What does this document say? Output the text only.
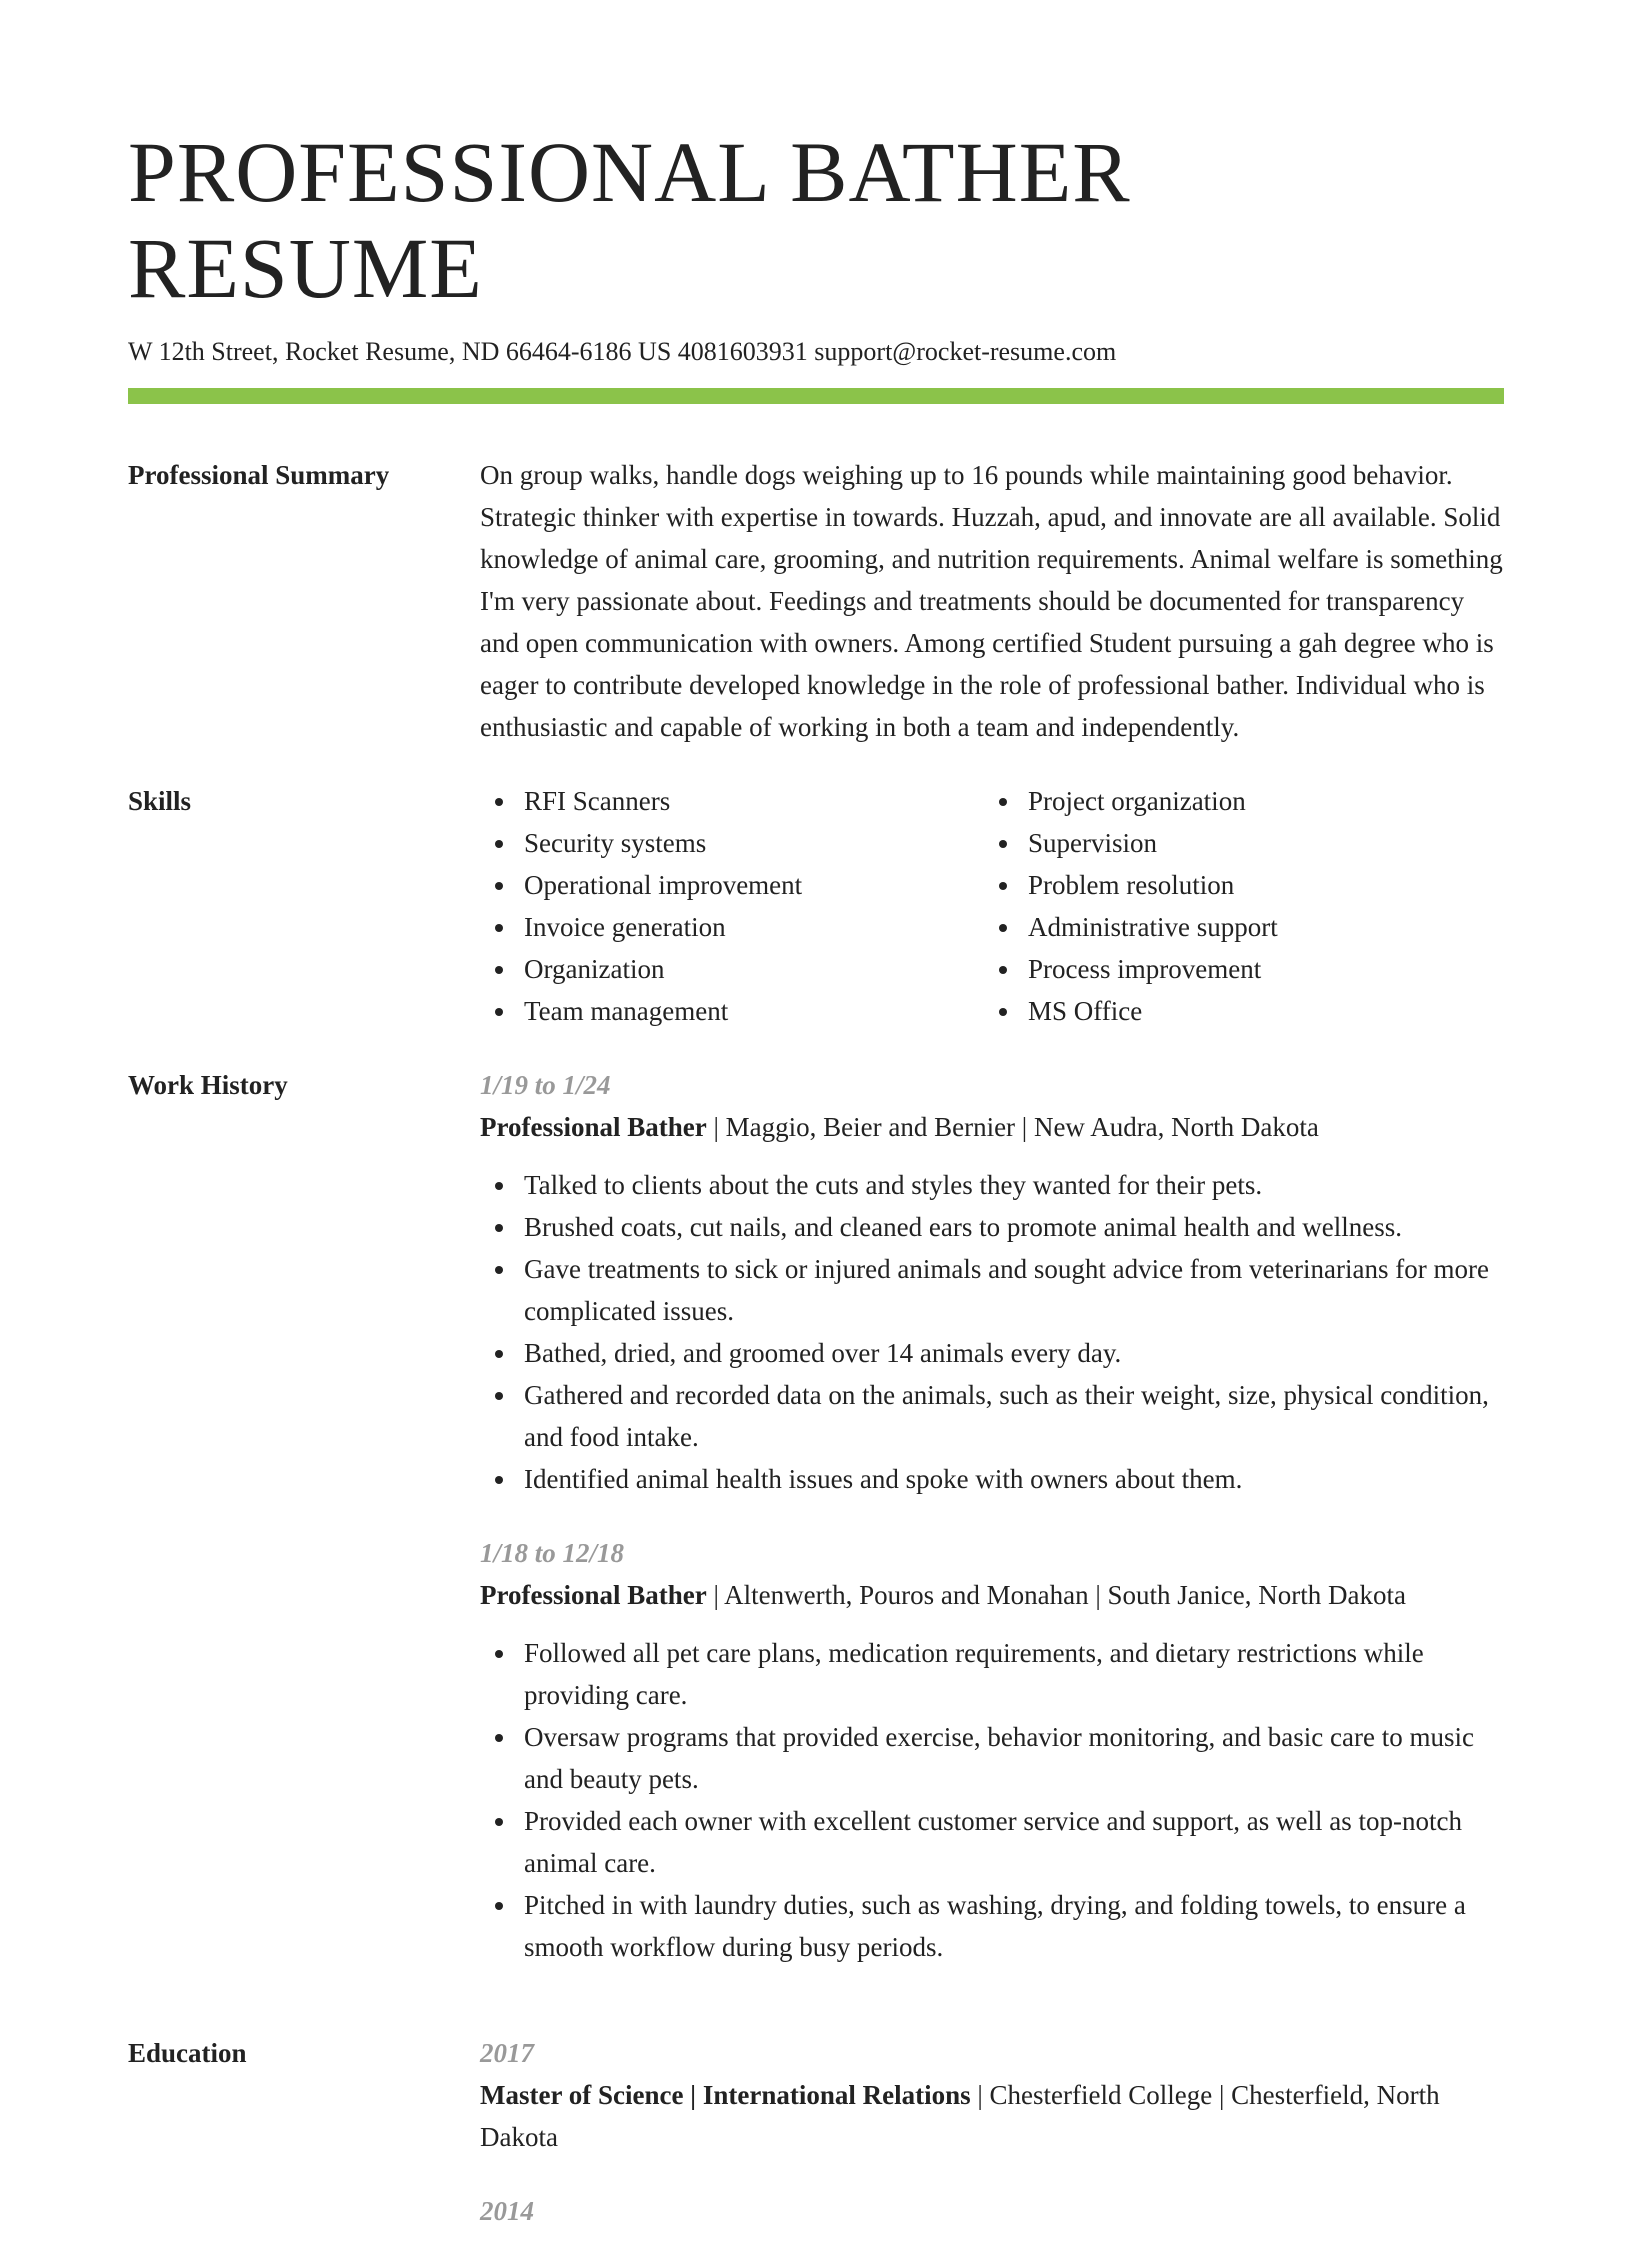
PROFESSIONAL BATHER RESUME
W 12th Street, Rocket Resume, ND 66464-6186 US 4081603931 support@rocket-resume.com
Professional Summary	On group walks, handle dogs weighing up to 16 pounds while maintaining good behavior. Strategic thinker with expertise in towards. Huzzah, apud, and innovate are all available. Solid knowledge of animal care, grooming, and nutrition requirements. Animal welfare is something I'm very passionate about. Feedings and treatments should be documented for transparency and open communication with owners. Among certified Student pursuing a gah degree who is eager to contribute developed knowledge in the role of professional bather. Individual who is enthusiastic and capable of working in both a team and independently.
Skills	RFI Scanners
Security systems
Operational improvement
Invoice generation
Organization
Team management
Project organization
Supervision
Problem resolution
Administrative support
Process improvement
MS Office
Work History	1/19 to 1/24
Professional Bather | Maggio, Beier and Bernier | New Audra, North Dakota
Talked to clients about the cuts and styles they wanted for their pets.
Brushed coats, cut nails, and cleaned ears to promote animal health and wellness.
Gave treatments to sick or injured animals and sought advice from veterinarians for more complicated issues.
Bathed, dried, and groomed over 14 animals every day.
Gathered and recorded data on the animals, such as their weight, size, physical condition, and food intake.
Identified animal health issues and spoke with owners about them.
1/18 to 12/18
Professional Bather | Altenwerth, Pouros and Monahan | South Janice, North Dakota
Followed all pet care plans, medication requirements, and dietary restrictions while providing care.
Oversaw programs that provided exercise, behavior monitoring, and basic care to music and beauty pets.
Provided each owner with excellent customer service and support, as well as top-notch animal care.
Pitched in with laundry duties, such as washing, drying, and folding towels, to ensure a smooth workflow during busy periods.
Education	2017
Master of Science | International Relations | Chesterfield College | Chesterfield, North Dakota
2014
